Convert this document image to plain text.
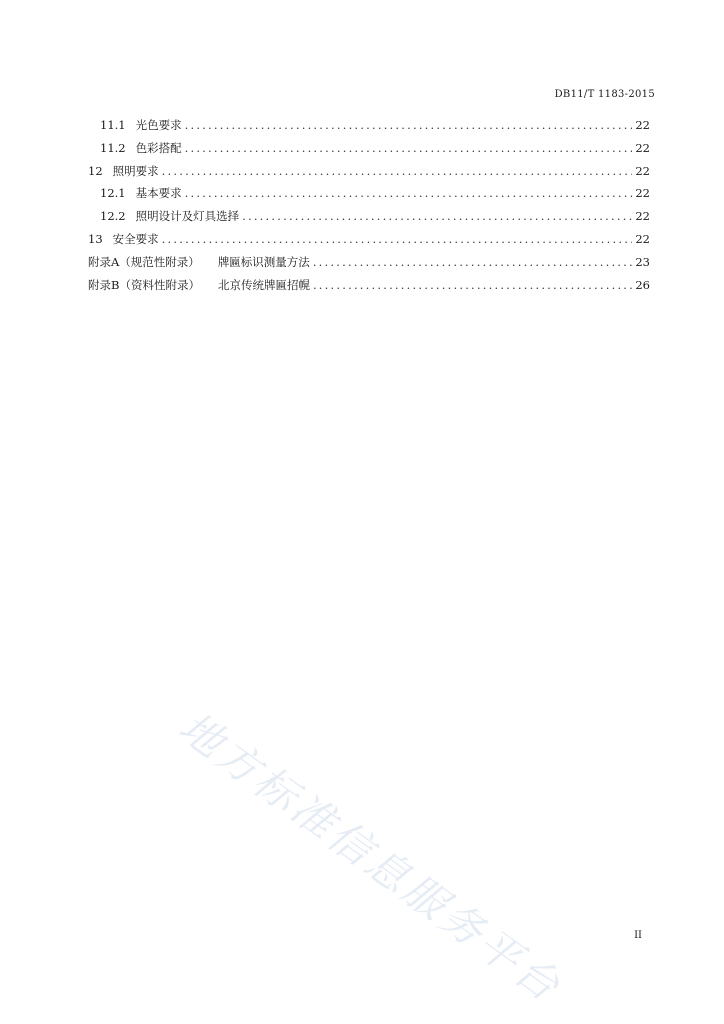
DB11/T 1183-2015
11.1 光色要求 .....	22
11.2 色彩搭配 .....	22
12 照明要求 .....	22
12.1 基本要求 .....	22
12.2 照明设计及灯具选择 .....	22
13 安全要求 .....	22
附录A（规范性附录） 牌匾标识测量方法 .....	23
附录B（资料性附录） 北京传统牌匾招幌 .....	26
地方标准信息服务平台	II
